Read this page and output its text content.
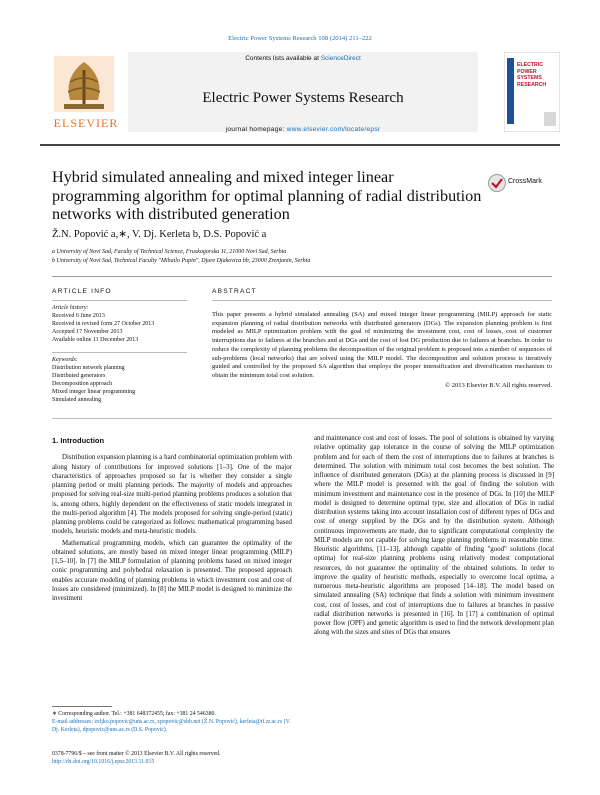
Electric Power Systems Research 108 (2014) 211–222
ELSEVIER
Contents lists available at ScienceDirect
Electric Power Systems Research
journal homepage: www.elsevier.com/locate/epsr
ELECTRIC POWER SYSTEMS RESEARCH
Hybrid simulated annealing and mixed integer linear programming algorithm for optimal planning of radial distribution networks with distributed generation
CrossMark
Ž.N. Popović a,∗, V. Dj. Kerleta b, D.S. Popović a
a University of Novi Sad, Faculty of Technical Science, Fruskogorska 11, 21000 Novi Sad, Serbia
b University of Novi Sad, Technical Faculty "Mihailo Pupin", Djure Djakovica bb, 23000 Zrenjanin, Serbia
ARTICLE INFO
Article history:
Received 6 June 2013
Received in revised form 27 October 2013
Accepted 17 November 2013
Available online 11 December 2013
Keywords:
Distribution network planning
Distributed generators
Decomposition approach
Mixed integer linear programming
Simulated annealing
ABSTRACT
This paper presents a hybrid simulated annealing (SA) and mixed integer linear programming (MILP) approach for static expansion planning of radial distribution networks with distributed generators (DGs). The expansion planning problem is first modeled as MILP optimization problem with the goal of minimizing the investment cost, cost of losses, cost of customer interruptions due to failures at the branches and at DGs and the cost of lost DG production due to failures at branches. In order to reduce the complexity of planning problems the decomposition of the original problem is proposed into a number of sequences of sub-problems (local networks) that are solved using the MILP model. The decomposition and solution process is iteratively guided and controlled by the proposed SA algorithm that employs the proper intensification and diversification mechanism to obtain the minimum total cost solution.
© 2013 Elsevier B.V. All rights reserved.
1. Introduction

Distribution expansion planning is a hard combinatorial optimization problem with along history of contributions for improved solutions [1–3]. One of the major characteristics of approaches proposed so far is whether they consider a single planning period or multi planning periods. The majority of models and approaches proposed for solving real-size multi-period planning problems produces a solution that is, among others, highly dependent on the effectiveness of static models integrated in the multi-period algorithm [4]. The models proposed for solving single-period (static) planning problems could be categorized as follows: mathematical programming based models, heuristic models and meta-heuristic models.

Mathematical programming models, which can guarantee the optimality of the obtained solutions, are mostly based on mixed integer linear programming (MILP) [1,5–10]. In [7] the MILP formulation of planning problems based on mixed integer conic programming and polyhedral relaxation is presented. The proposed approach enables accurate modeling of planning problems in which investment cost and cost of losses are considered (minimized). In [8] the MILP model is designed to minimize the investment

and maintenance cost and cost of losses. The pool of solutions is obtained by varying relative optimality gap tolerance in the course of solving the MILP optimization problem and for each of them the cost of interruptions due to failures at branches is determined. The solution with minimum total cost becomes the best solution. The influence of distributed generators (DGs) at the planning process is discussed in [9] where the MILP model is presented with the goal of finding the solution with minimum investment and maintenance cost in the presence of DGs. In [10] the MILP model is designed to determine optimal type, size and allocation of DGs in radial distribution systems taking into account installation cost of different types of DGs and cost of energy supplied by the DGs and by the distribution system. Although continuous improvements are made, due to significant computational complexity the MILP models are not capable for solving large planning problems in reasonable time. Heuristic algorithms, [11–13], although capable of finding "good" solutions (local optima) for real-size planning problems using relatively modest computational resources, do not guarantee the optimality of the obtained solutions. In order to improve the quality of heuristic methods, especially to overcome local optima, a numerous meta-heuristic algorithms are proposed [14–18]. The model based on simulated annealing (SA) technique that finds a solution with minimum investment cost, cost of losses, and cost of interruptions due to failures at branches in passive radial distribution networks is presented in [16]. In [17] a combination of optimal power flow (OPF) and genetic algorithm is used to find the network development plan along with the sizes and sites of DGs that ensures

∗ Corresponding author. Tel.: +381 648372455; fax: +381 24 546380.
E-mail addresses: zeljko.popovic@uns.ac.rs, zpopovic@sbb.net (Ž.N. Popović), kerleta@tf.zr.ac.rs (V. Dj. Kerleta), dpopovic@uns.ac.rs (D.S. Popović).
0378-7796/$ – see front matter © 2013 Elsevier B.V. All rights reserved.
http://dx.doi.org/10.1016/j.epsr.2013.11.015
